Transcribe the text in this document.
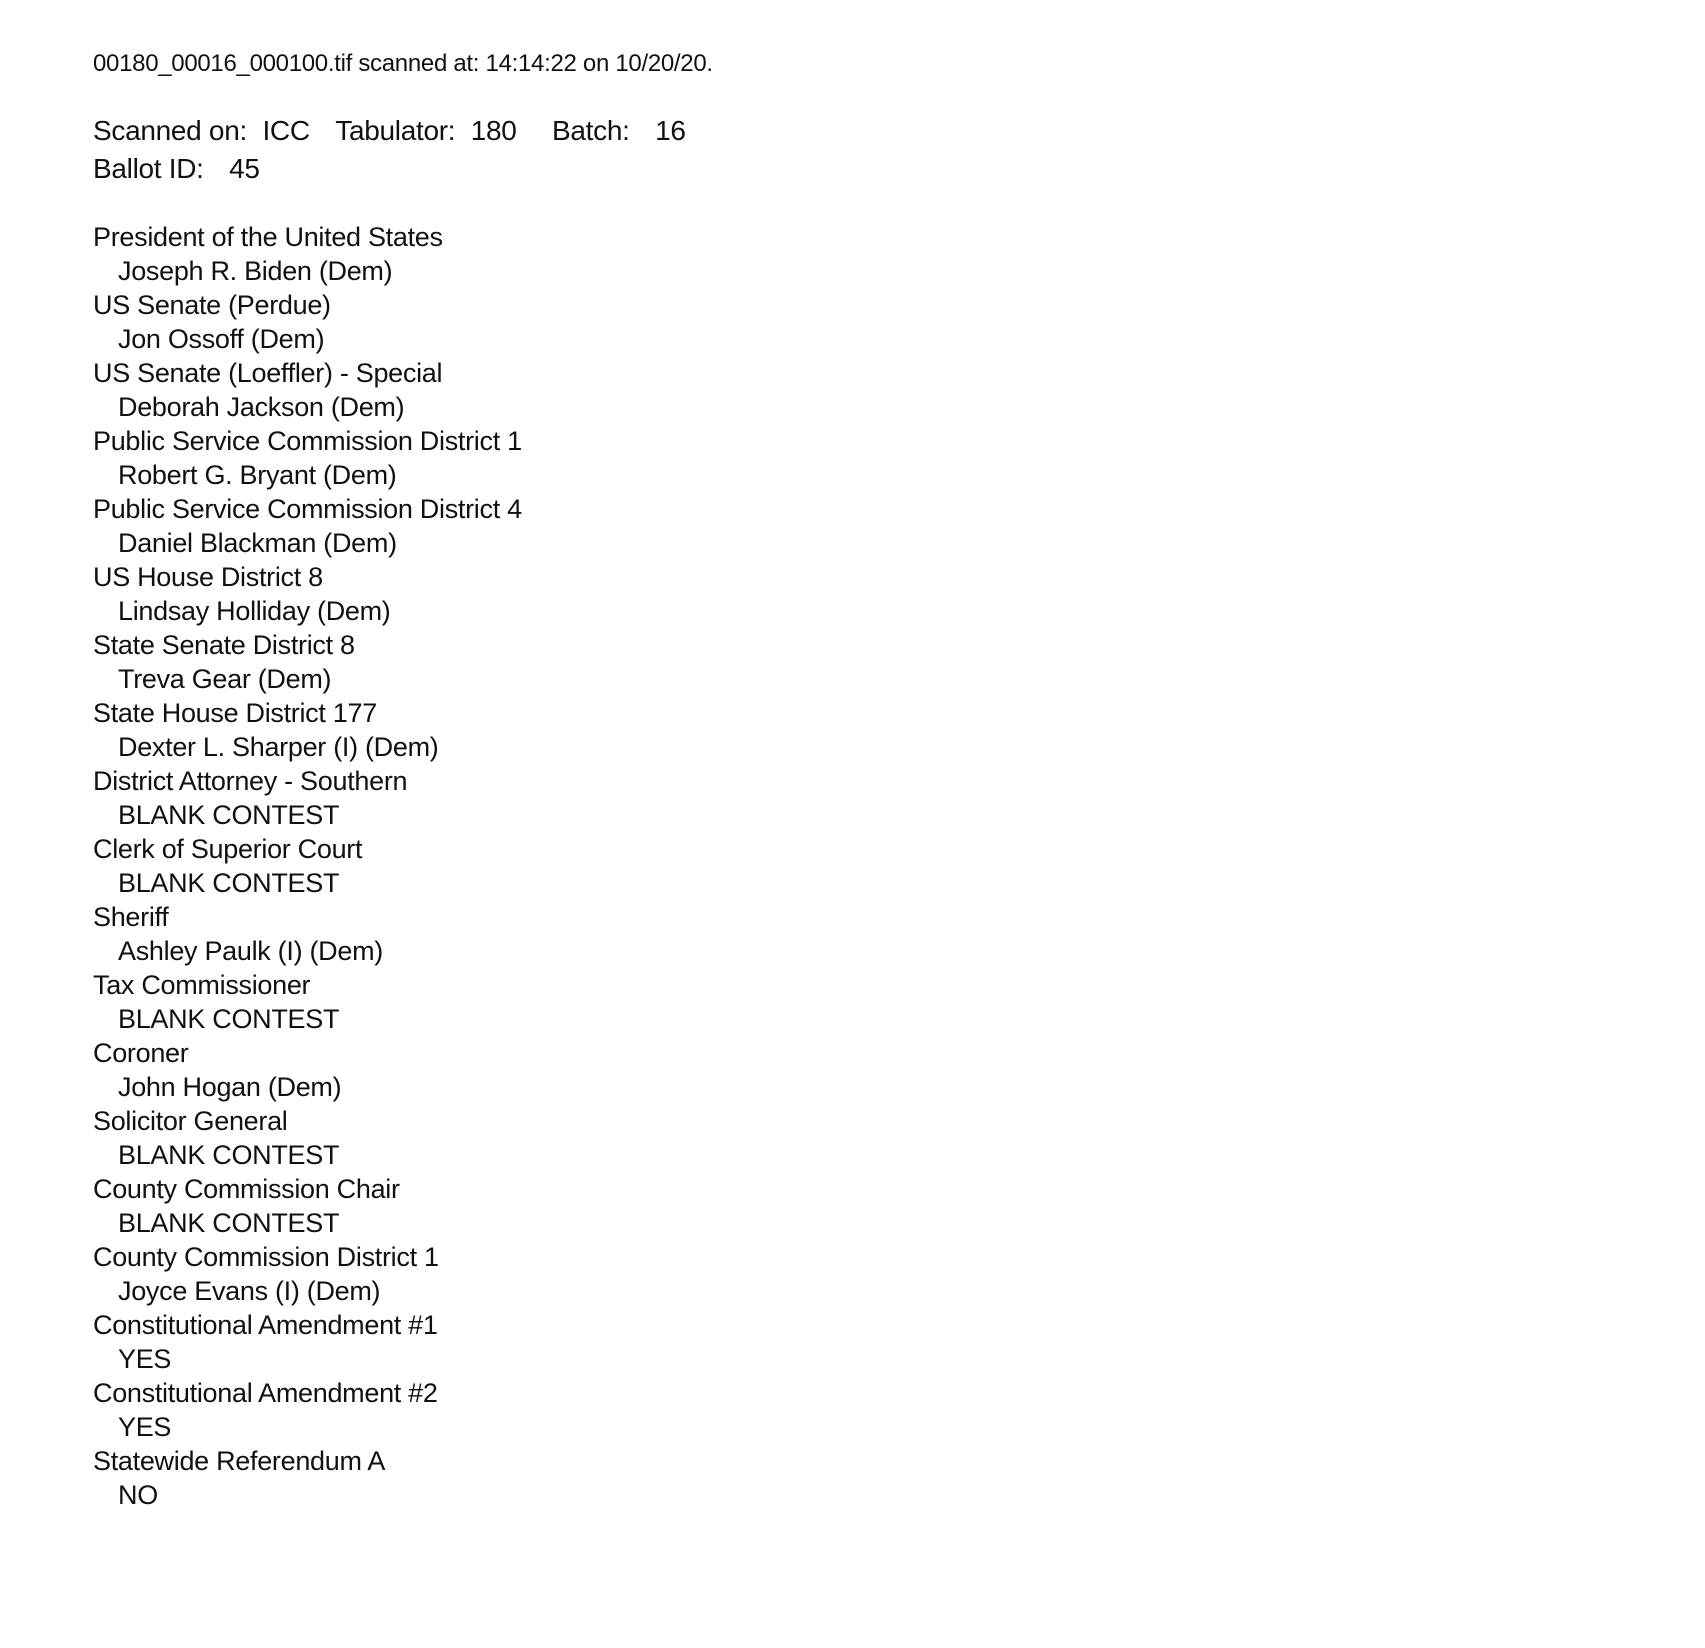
00180_00016_000100.tif scanned at: 14:14:22 on 10/20/20.
Scanned on: ICC Tabulator: 180 Batch: 16
Ballot ID: 45
President of the United States
Joseph R. Biden (Dem)
US Senate (Perdue)
Jon Ossoff (Dem)
US Senate (Loeffler) - Special
Deborah Jackson (Dem)
Public Service Commission District 1
Robert G. Bryant (Dem)
Public Service Commission District 4
Daniel Blackman (Dem)
US House District 8
Lindsay Holliday (Dem)
State Senate District 8
Treva Gear (Dem)
State House District 177
Dexter L. Sharper (I) (Dem)
District Attorney - Southern
BLANK CONTEST
Clerk of Superior Court
BLANK CONTEST
Sheriff
Ashley Paulk (I) (Dem)
Tax Commissioner
BLANK CONTEST
Coroner
John Hogan (Dem)
Solicitor General
BLANK CONTEST
County Commission Chair
BLANK CONTEST
County Commission District 1
Joyce Evans (I) (Dem)
Constitutional Amendment #1
YES
Constitutional Amendment #2
YES
Statewide Referendum A
NO
